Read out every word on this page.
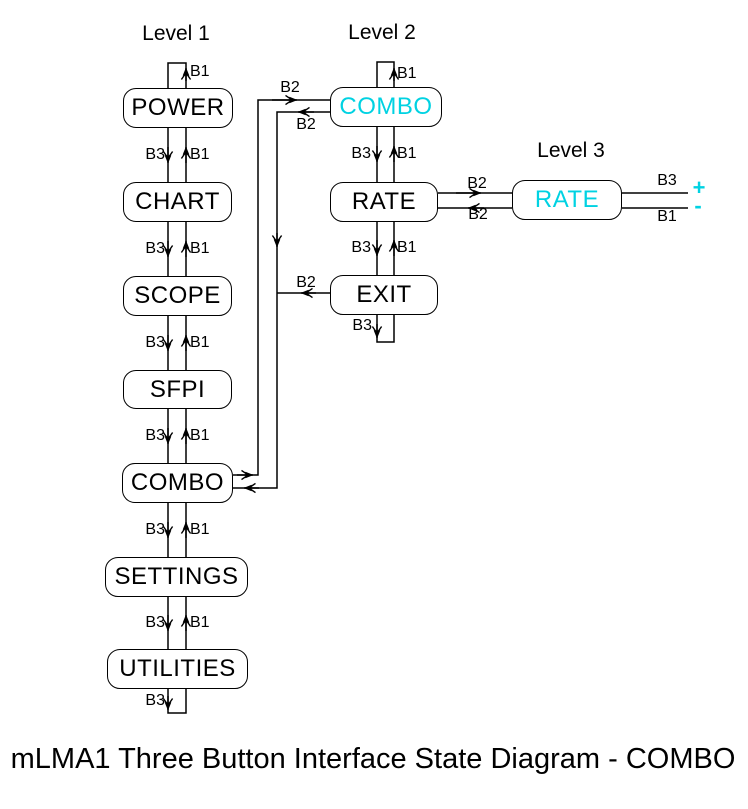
Level 1	Level 2
Level 3
POWER
CHART
SCOPE
SFPI
COMBO
SETTINGS
UTILITIES
COMBO
RATE
EXIT
RATE
B1
B3 B1
B3 B1
B3 B1
B3 B1
B3 B1
B3 B1
B3
B1
B3 B1
B3 B1
B3
B2
B2
B2
B2
B2
B3
B1
+
-
mLMA1 Three Button Interface State Diagram - COMBO
